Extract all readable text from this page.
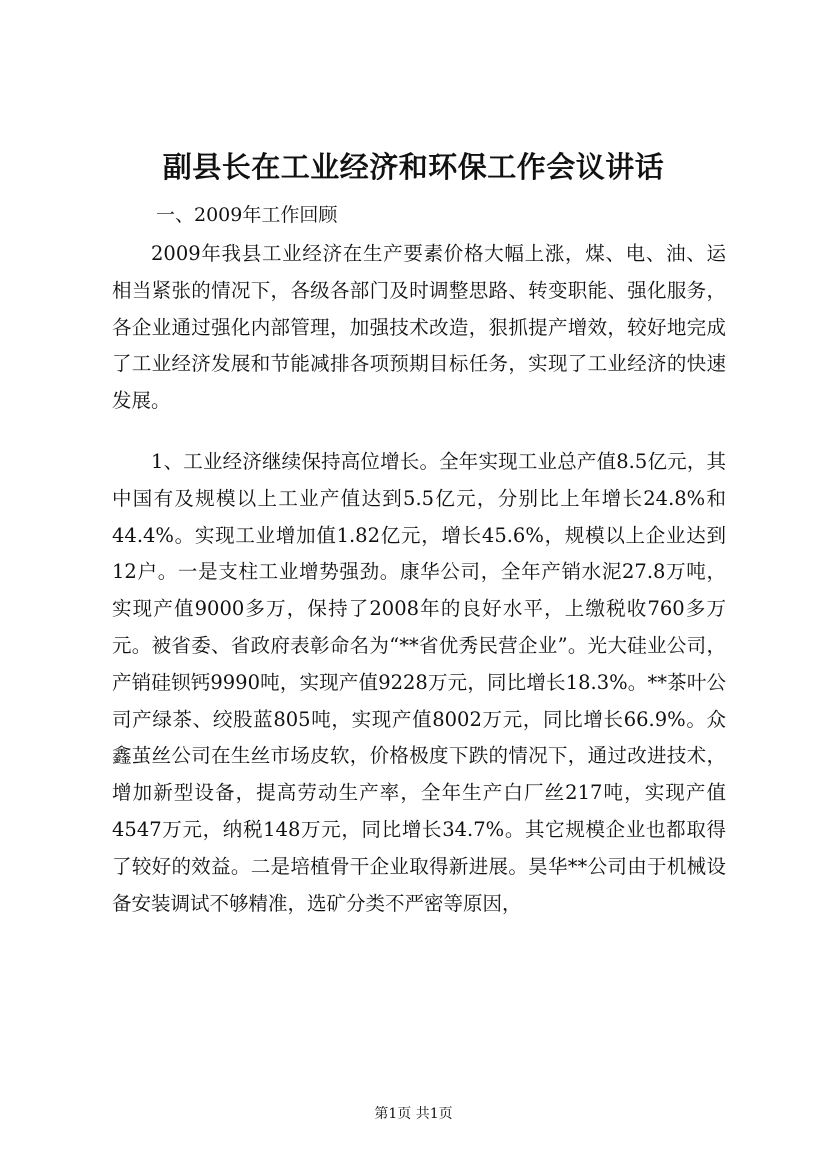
副县长在工业经济和环保工作会议讲话

一、2009年工作回顾

2009年我县工业经济在生产要素价格大幅上涨，煤、电、油、运相当紧张的情况下，各级各部门及时调整思路、转变职能、强化服务，各企业通过强化内部管理，加强技术改造，狠抓提产增效，较好地完成了工业经济发展和节能减排各项预期目标任务，实现了工业经济的快速发展。

1、工业经济继续保持高位增长。全年实现工业总产值8.5亿元，其中国有及规模以上工业产值达到5.5亿元，分别比上年增长24.8%和44.4%。实现工业增加值1.82亿元，增长45.6%，规模以上企业达到12户。一是支柱工业增势强劲。康华公司，全年产销水泥27.8万吨，实现产值9000多万，保持了2008年的良好水平，上缴税收760多万元。被省委、省政府表彰命名为“**省优秀民营企业”。光大硅业公司，产销硅钡钙9990吨，实现产值9228万元，同比增长18.3%。**茶叶公司产绿茶、绞股蓝805吨，实现产值8002万元，同比增长66.9%。众鑫茧丝公司在生丝市场皮软，价格极度下跌的情况下，通过改进技术，增加新型设备，提高劳动生产率，全年生产白厂丝217吨，实现产值4547万元，纳税148万元，同比增长34.7%。其它规模企业也都取得了较好的效益。二是培植骨干企业取得新进展。昊华**公司由于机械设备安装调试不够精准，选矿分类不严密等原因，

第1页 共1页
